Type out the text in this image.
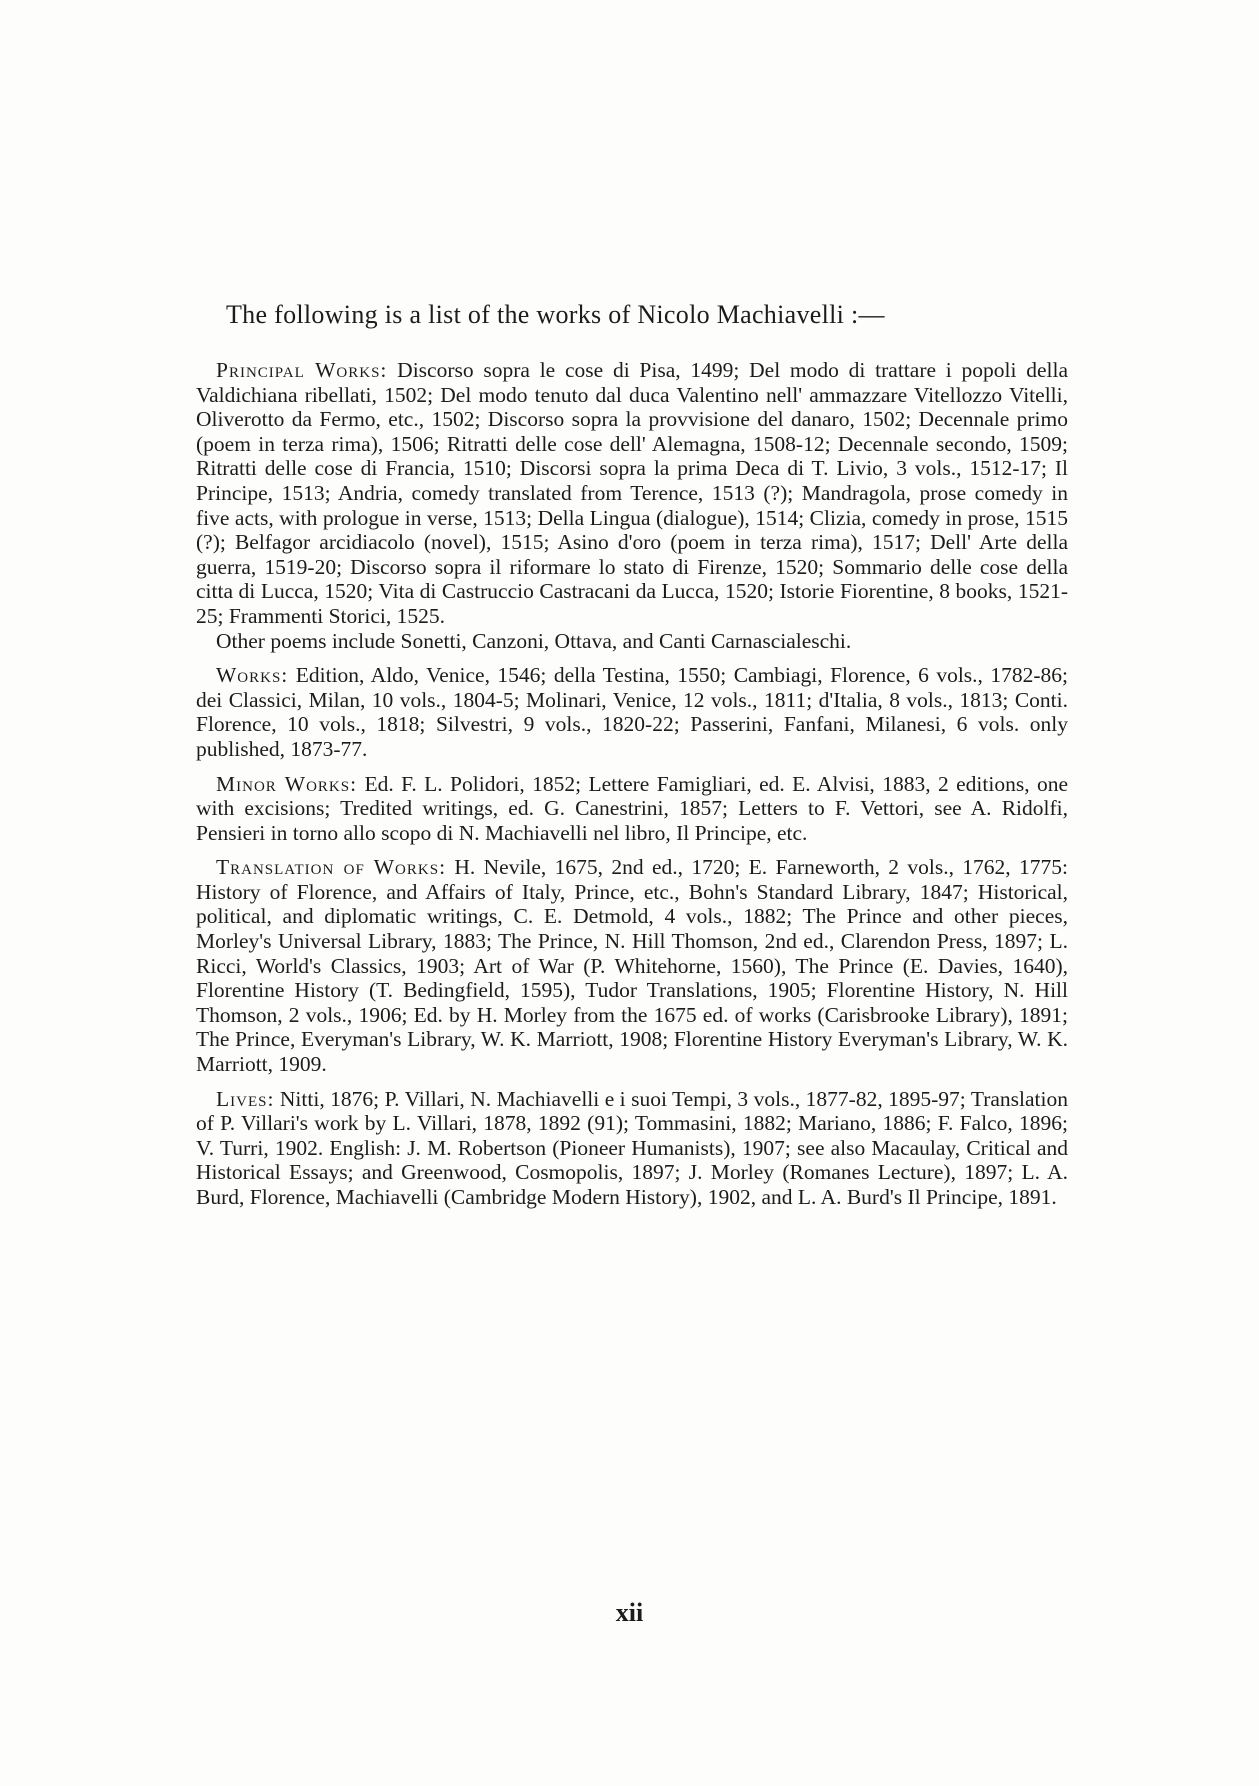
The following is a list of the works of Nicolo Machiavelli :—

Principal Works: Discorso sopra le cose di Pisa, 1499; Del modo di trattare i popoli della Valdichiana ribellati, 1502; Del modo tenuto dal duca Valentino nell' ammazzare Vitellozzo Vitelli, Oliverotto da Fermo, etc., 1502; Discorso sopra la provvisione del danaro, 1502; Decennale primo (poem in terza rima), 1506; Ritratti delle cose dell' Alemagna, 1508-12; Decennale secondo, 1509; Ritratti delle cose di Francia, 1510; Discorsi sopra la prima Deca di T. Livio, 3 vols., 1512-17; Il Principe, 1513; Andria, comedy translated from Terence, 1513 (?); Mandragola, prose comedy in five acts, with prologue in verse, 1513; Della Lingua (dialogue), 1514; Clizia, comedy in prose, 1515 (?); Belfagor arcidiacolo (novel), 1515; Asino d'oro (poem in terza rima), 1517; Dell' Arte della guerra, 1519-20; Discorso sopra il riformare lo stato di Firenze, 1520; Sommario delle cose della citta di Lucca, 1520; Vita di Castruccio Castracani da Lucca, 1520; Istorie Fiorentine, 8 books, 1521-25; Frammenti Storici, 1525.

Other poems include Sonetti, Canzoni, Ottava, and Canti Carnascialeschi.

Works: Edition, Aldo, Venice, 1546; della Testina, 1550; Cambiagi, Florence, 6 vols., 1782-86; dei Classici, Milan, 10 vols., 1804-5; Molinari, Venice, 12 vols., 1811; d'Italia, 8 vols., 1813; Conti. Florence, 10 vols., 1818; Silvestri, 9 vols., 1820-22; Passerini, Fanfani, Milanesi, 6 vols. only published, 1873-77.

Minor Works: Ed. F. L. Polidori, 1852; Lettere Famigliari, ed. E. Alvisi, 1883, 2 editions, one with excisions; Tredited writings, ed. G. Canestrini, 1857; Letters to F. Vettori, see A. Ridolfi, Pensieri in torno allo scopo di N. Machiavelli nel libro, Il Principe, etc.

Translation of Works: H. Nevile, 1675, 2nd ed., 1720; E. Farneworth, 2 vols., 1762, 1775: History of Florence, and Affairs of Italy, Prince, etc., Bohn's Standard Library, 1847; Historical, political, and diplomatic writings, C. E. Detmold, 4 vols., 1882; The Prince and other pieces, Morley's Universal Library, 1883; The Prince, N. Hill Thomson, 2nd ed., Clarendon Press, 1897; L. Ricci, World's Classics, 1903; Art of War (P. Whitehorne, 1560), The Prince (E. Davies, 1640), Florentine History (T. Bedingfield, 1595), Tudor Translations, 1905; Florentine History, N. Hill Thomson, 2 vols., 1906; Ed. by H. Morley from the 1675 ed. of works (Carisbrooke Library), 1891; The Prince, Everyman's Library, W. K. Marriott, 1908; Florentine History Everyman's Library, W. K. Marriott, 1909.

Lives: Nitti, 1876; P. Villari, N. Machiavelli e i suoi Tempi, 3 vols., 1877-82, 1895-97; Translation of P. Villari's work by L. Villari, 1878, 1892 (91); Tommasini, 1882; Mariano, 1886; F. Falco, 1896; V. Turri, 1902. English: J. M. Robertson (Pioneer Humanists), 1907; see also Macaulay, Critical and Historical Essays; and Greenwood, Cosmopolis, 1897; J. Morley (Romanes Lecture), 1897; L. A. Burd, Florence, Machiavelli (Cambridge Modern History), 1902, and L. A. Burd's Il Principe, 1891.

xii
